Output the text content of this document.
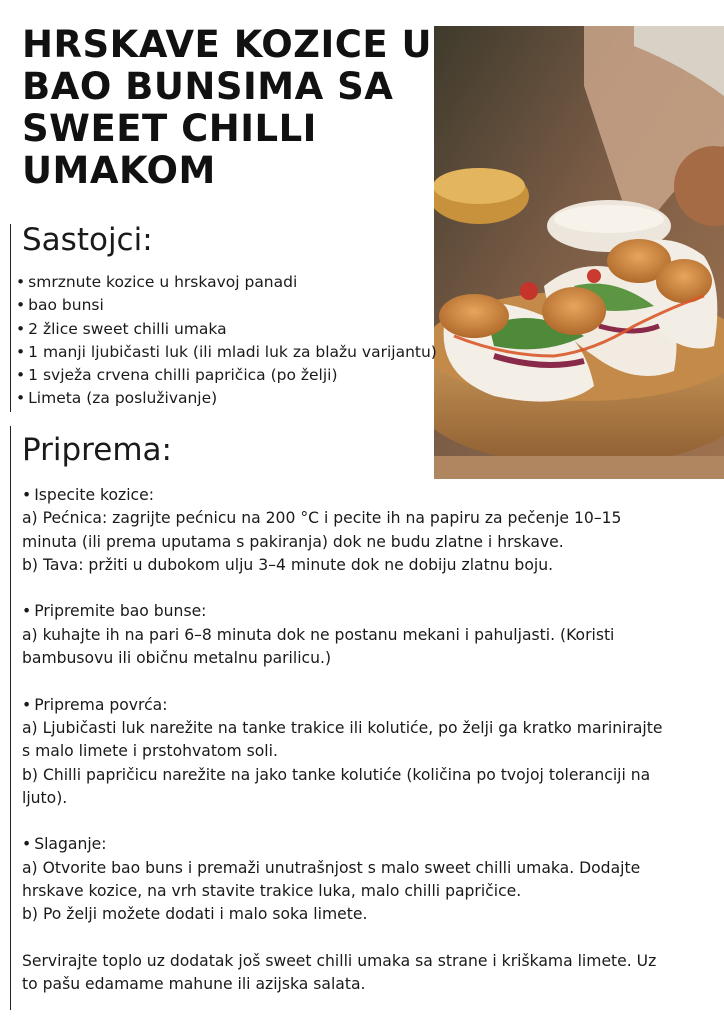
HRSKAVE KOZICE U
BAO BUNSIMA SA
SWEET CHILLI
UMAKOM
Sastojci:
• smrznute kozice u hrskavoj panadi
• bao bunsi
• 2 žlice sweet chilli umaka
• 1 manji ljubičasti luk (ili mladi luk za blažu varijantu)
• 1 svježa crvena chilli papričica (po želji)
• Limeta (za posluživanje)
Priprema:

• Ispecite kozice:

a) Pećnica: zagrijte pećnicu na 200 °C i pecite ih na papiru za pečenje 10–15

minuta (ili prema uputama s pakiranja) dok ne budu zlatne i hrskave.

b) Tava: pržiti u dubokom ulju 3–4 minute dok ne dobiju zlatnu boju.

• Pripremite bao bunse:

a) kuhajte ih na pari 6–8 minuta dok ne postanu mekani i pahuljasti. (Koristi

bambusovu ili običnu metalnu parilicu.)

• Priprema povrća:

a) Ljubičasti luk narežite na tanke trakice ili kolutiće, po želji ga kratko marinirajte

s malo limete i prstohvatom soli.

b) Chilli papričicu narežite na jako tanke kolutiće (količina po tvojoj toleranciji na

ljuto).

• Slaganje:

a) Otvorite bao buns i premaži unutrašnjost s malo sweet chilli umaka. Dodajte

hrskave kozice, na vrh stavite trakice luka, malo chilli papričice.

b) Po želji možete dodati i malo soka limete.

Servirajte toplo uz dodatak još sweet chilli umaka sa strane i kriškama limete. Uz

to pašu edamame mahune ili azijska salata.
